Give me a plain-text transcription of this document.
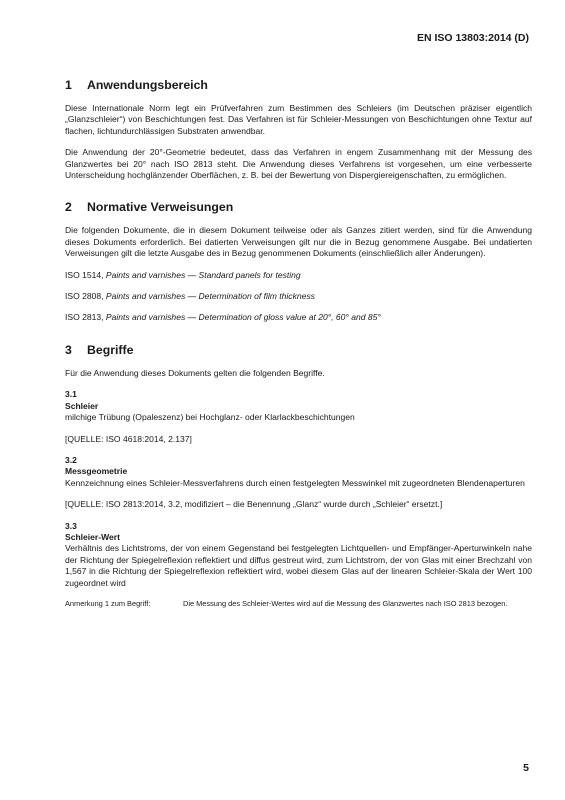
EN ISO 13803:2014 (D)
1 Anwendungsbereich

Diese Internationale Norm legt ein Prüfverfahren zum Bestimmen des Schleiers (im Deutschen präziser eigentlich „Glanzschleier“) von Beschichtungen fest. Das Verfahren ist für Schleier-Messungen von Beschichtungen ohne Textur auf flachen, lichtundurchlässigen Substraten anwendbar.

Die Anwendung der 20°-Geometrie bedeutet, dass das Verfahren in engem Zusammenhang mit der Messung des Glanzwertes bei 20° nach ISO 2813 steht. Die Anwendung dieses Verfahrens ist vorgesehen, um eine verbesserte Unterscheidung hochglänzender Oberflächen, z. B. bei der Bewertung von Dispergiereigenschaften, zu ermöglichen.

2 Normative Verweisungen

Die folgenden Dokumente, die in diesem Dokument teilweise oder als Ganzes zitiert werden, sind für die Anwendung dieses Dokuments erforderlich. Bei datierten Verweisungen gilt nur die in Bezug genommene Ausgabe. Bei undatierten Verweisungen gilt die letzte Ausgabe des in Bezug genommenen Dokuments (einschließlich aller Änderungen).

ISO 1514, Paints and varnishes — Standard panels for testing

ISO 2808, Paints and varnishes — Determination of film thickness

ISO 2813, Paints and varnishes — Determination of gloss value at 20°, 60° and 85°

3 Begriffe

Für die Anwendung dieses Dokuments gelten die folgenden Begriffe.

3.1
Schleier

milchige Trübung (Opaleszenz) bei Hochglanz- oder Klarlackbeschichtungen

[QUELLE: ISO 4618:2014, 2.137]

3.2
Messgeometrie

Kennzeichnung eines Schleier-Messverfahrens durch einen festgelegten Messwinkel mit zugeordneten Blendenaperturen

[QUELLE: ISO 2813:2014, 3.2, modifiziert – die Benennung „Glanz“ wurde durch „Schleier“ ersetzt.]

3.3
Schleier-Wert

Verhältnis des Lichtstroms, der von einem Gegenstand bei festgelegten Lichtquellen- und Empfänger-Aperturwinkeln nahe der Richtung der Spiegelreflexion reflektiert und diffus gestreut wird, zum Lichtstrom, der von Glas mit einer Brechzahl von 1,567 in die Richtung der Spiegelreflexion reflektiert wird, wobei diesem Glas auf der linearen Schleier-Skala der Wert 100 zugeordnet wird

Anmerkung 1 zum Begriff:	Die Messung des Schleier-Wertes wird auf die Messung des Glanzwertes nach ISO 2813 bezogen.
5
